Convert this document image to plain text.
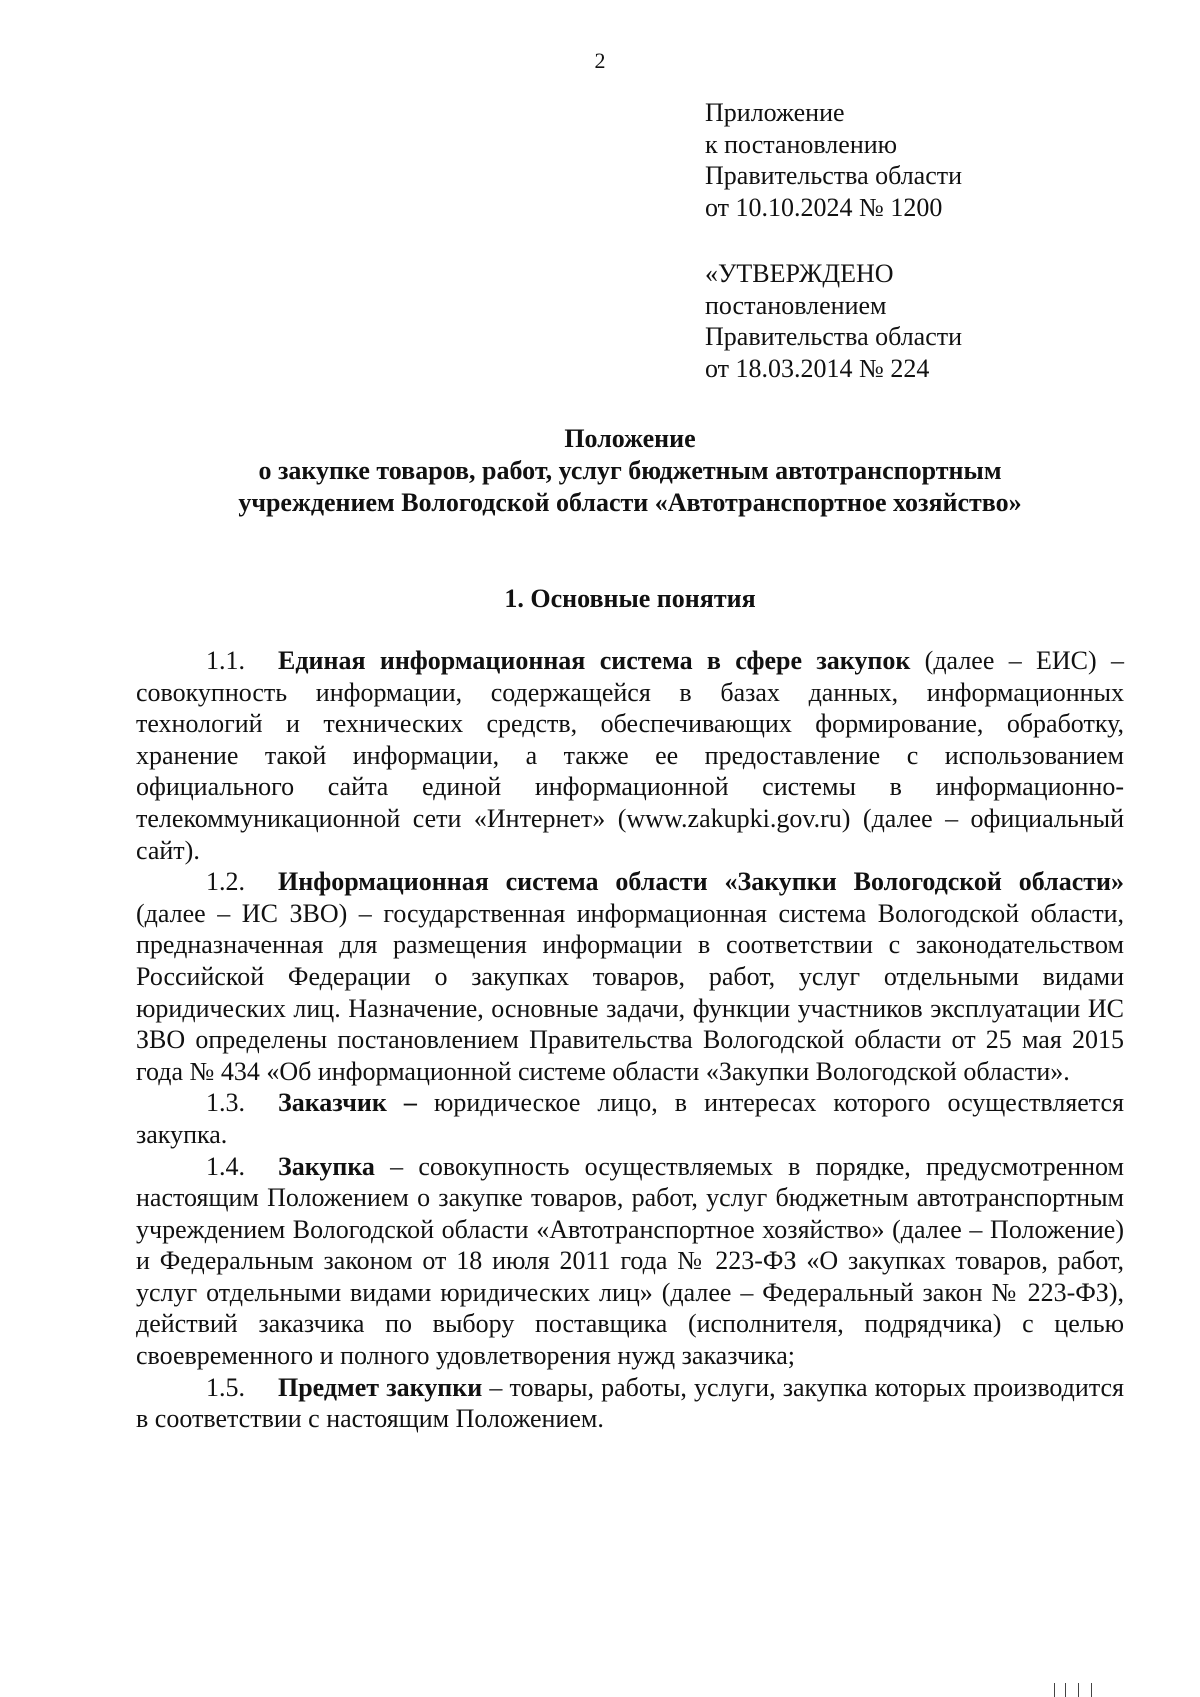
2
Приложение
к постановлению
Правительства области
от 10.10.2024 № 1200
«УТВЕРЖДЕНО
постановлением
Правительства области
от 18.03.2014 № 224
Положение
о закупке товаров, работ, услуг бюджетным автотранспортным
учреждением Вологодской области «Автотранспортное хозяйство»
1. Основные понятия

1.1. Единая информационная система в сфере закупок (далее – ЕИС) – совокупность информации, содержащейся в базах данных, информационных технологий и технических средств, обеспечивающих формирование, обработку, хранение такой информации, а также ее предоставление с использованием официального сайта единой информационной системы в информационно-телекоммуникационной сети «Интернет» (www.zakupki.gov.ru) (далее – официальный сайт).

1.2. Информационная система области «Закупки Вологодской области» (далее – ИС ЗВО) – государственная информационная система Вологодской области, предназначенная для размещения информации в соответствии с законодательством Российской Федерации о закупках товаров, работ, услуг отдельными видами юридических лиц. Назначение, основные задачи, функции участников эксплуатации ИС ЗВО определены постановлением Правительства Вологодской области от 25 мая 2015 года № 434 «Об информационной системе области «Закупки Вологодской области».

1.3. Заказчик – юридическое лицо, в интересах которого осуществляется закупка.

1.4. Закупка – совокупность осуществляемых в порядке, предусмотренном настоящим Положением о закупке товаров, работ, услуг бюджетным автотранспортным учреждением Вологодской области «Автотранспортное хозяйство» (далее – Положение) и Федеральным законом от 18 июля 2011 года № 223-ФЗ «О закупках товаров, работ, услуг отдельными видами юридических лиц» (далее – Федеральный закон № 223-ФЗ), действий заказчика по выбору поставщика (исполнителя, подрядчика) с целью своевременного и полного удовлетворения нужд заказчика;

1.5. Предмет закупки – товары, работы, услуги, закупка которых производится в соответствии с настоящим Положением.
